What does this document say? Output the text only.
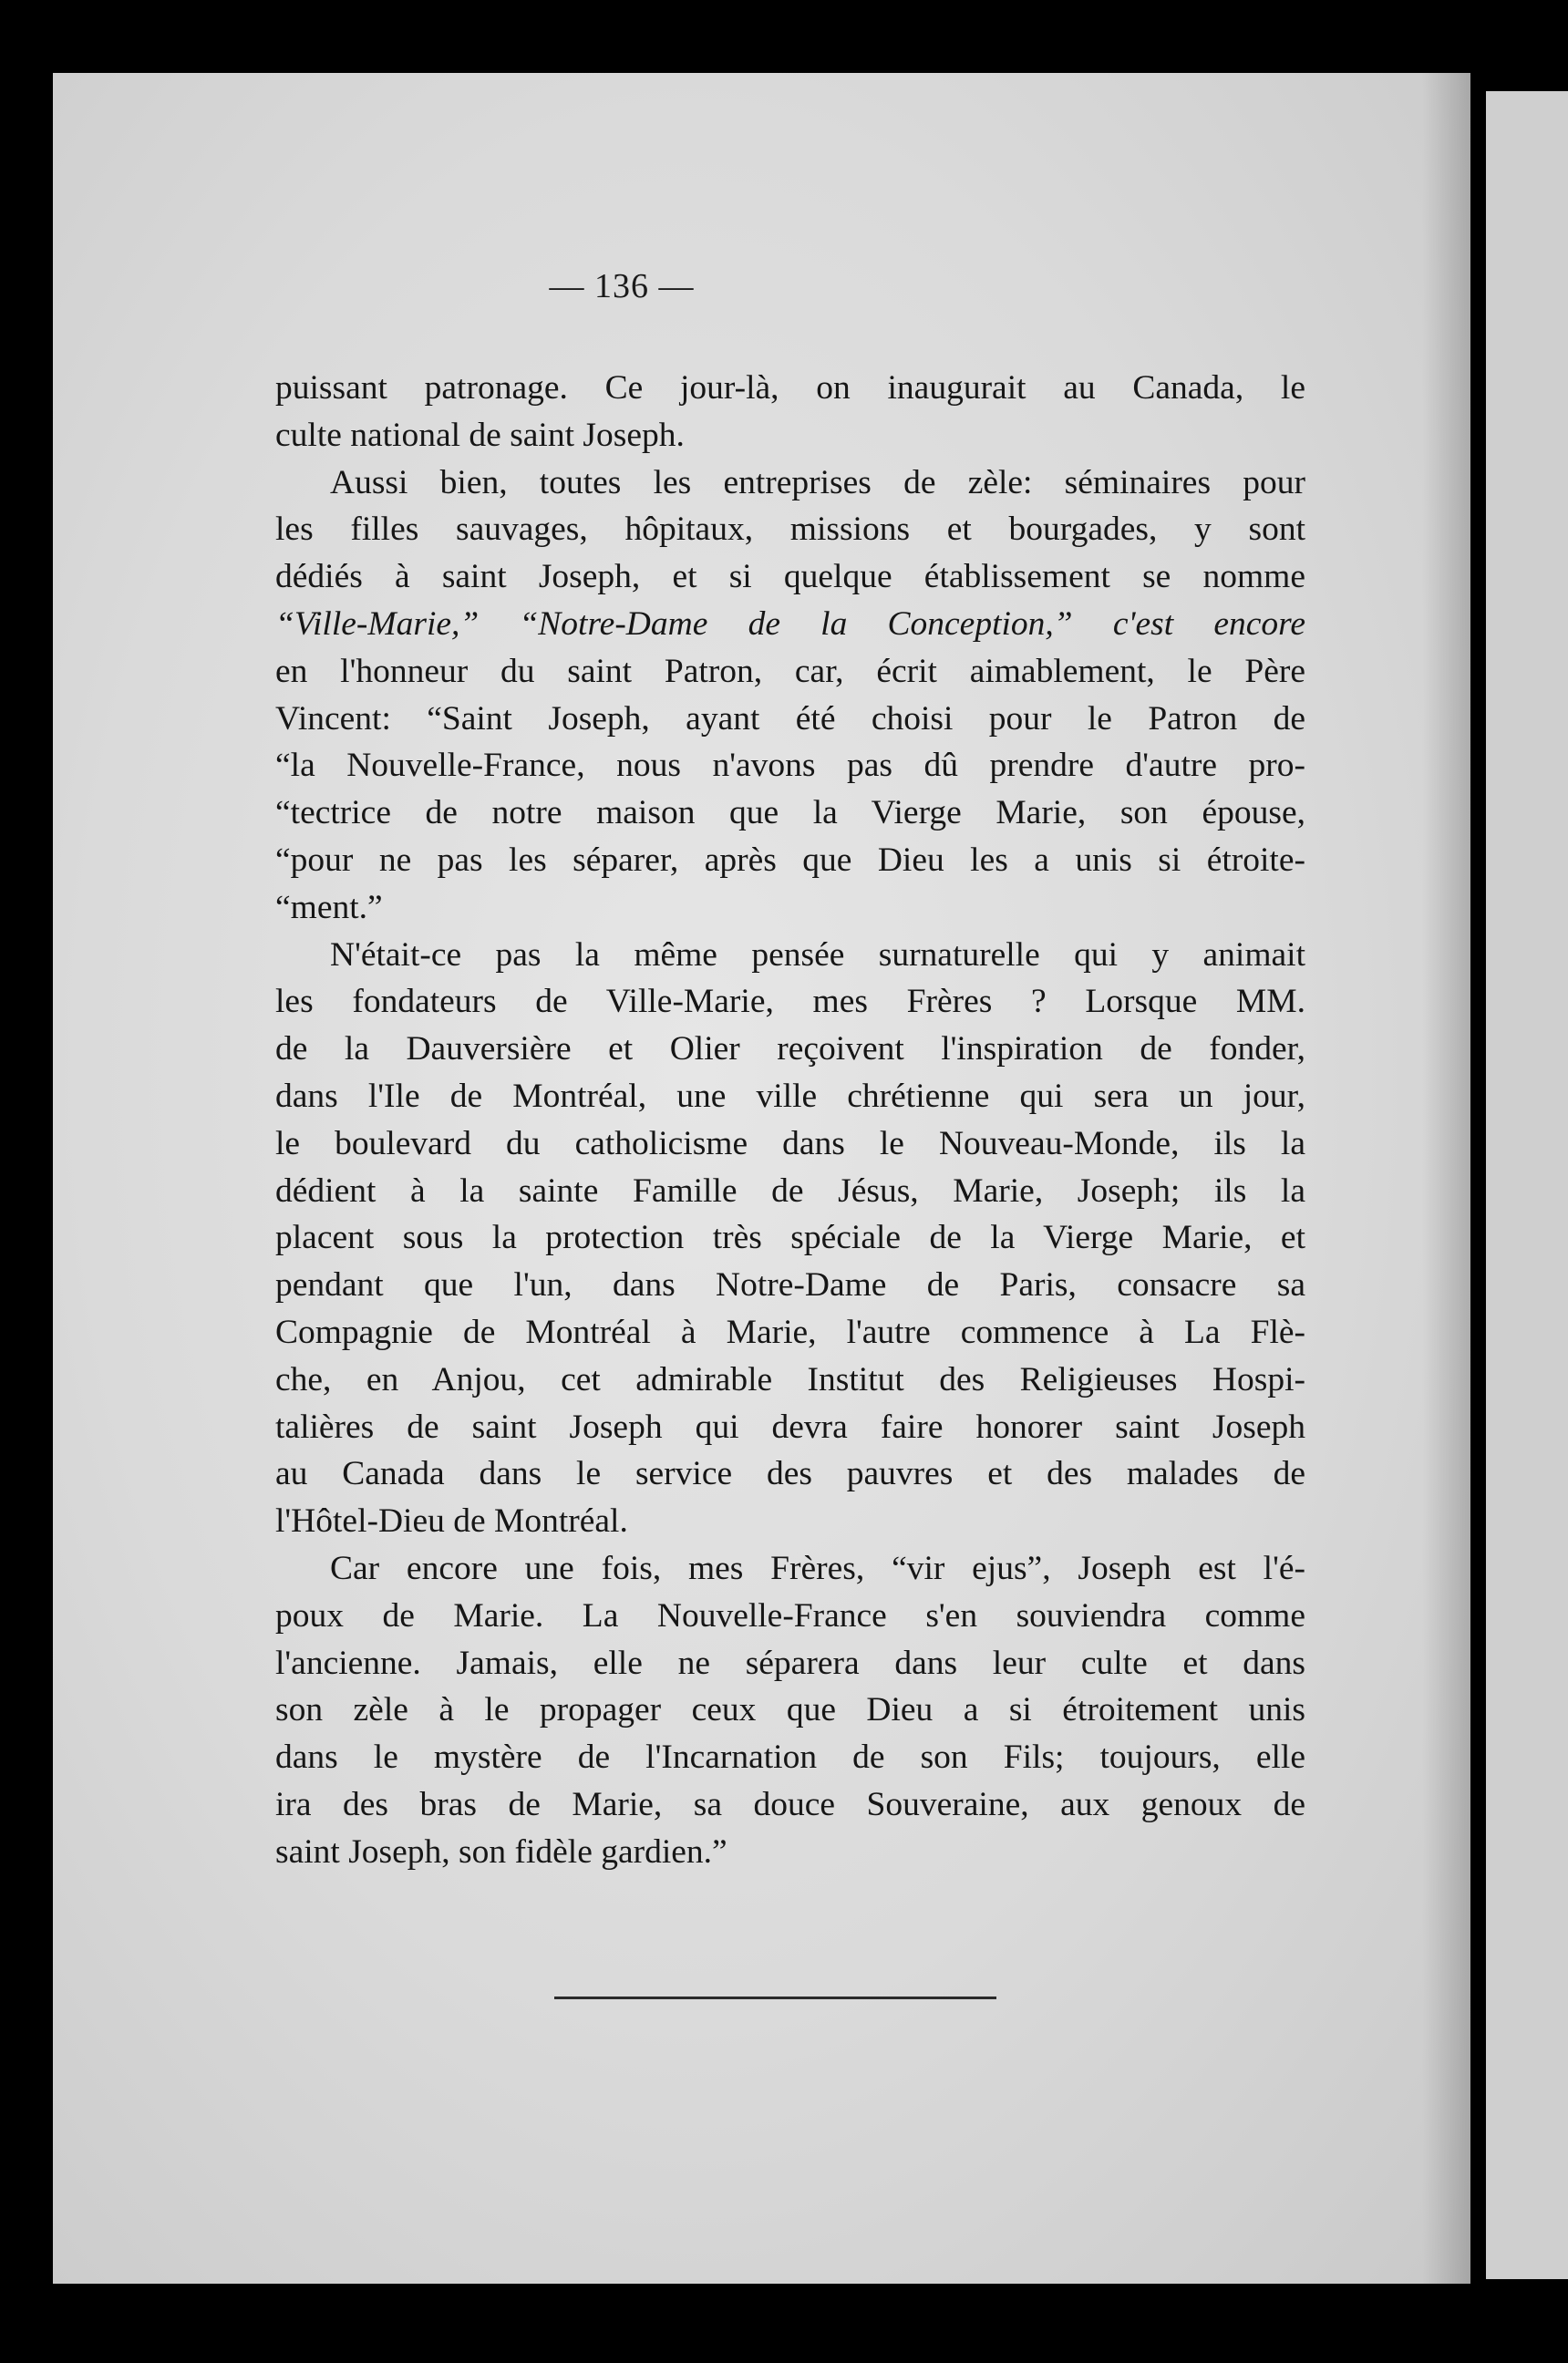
— 136 —

puissant patronage. Ce jour-là, on inaugurait au Canada, le
culte national de saint Joseph.

Aussi bien, toutes les entreprises de zèle: séminaires pour
les filles sauvages, hôpitaux, missions et bourgades, y sont
dédiés à saint Joseph, et si quelque établissement se nomme
“Ville-Marie,” “Notre-Dame de la Conception,” c'est encore
en l'honneur du saint Patron, car, écrit aimablement, le Père
Vincent: “Saint Joseph, ayant été choisi pour le Patron de
“la Nouvelle-France, nous n'avons pas dû prendre d'autre pro-
“tectrice de notre maison que la Vierge Marie, son épouse,
“pour ne pas les séparer, après que Dieu les a unis si étroite-
“ment.”

N'était-ce pas la même pensée surnaturelle qui y animait
les fondateurs de Ville-Marie, mes Frères ? Lorsque MM.
de la Dauversière et Olier reçoivent l'inspiration de fonder,
dans l'Ile de Montréal, une ville chrétienne qui sera un jour,
le boulevard du catholicisme dans le Nouveau-Monde, ils la
dédient à la sainte Famille de Jésus, Marie, Joseph; ils la
placent sous la protection très spéciale de la Vierge Marie, et
pendant que l'un, dans Notre-Dame de Paris, consacre sa
Compagnie de Montréal à Marie, l'autre commence à La Flè-
che, en Anjou, cet admirable Institut des Religieuses Hospi-
talières de saint Joseph qui devra faire honorer saint Joseph
au Canada dans le service des pauvres et des malades de
l'Hôtel-Dieu de Montréal.

Car encore une fois, mes Frères, “vir ejus”, Joseph est l'é-
poux de Marie. La Nouvelle-France s'en souviendra comme
l'ancienne. Jamais, elle ne séparera dans leur culte et dans
son zèle à le propager ceux que Dieu a si étroitement unis
dans le mystère de l'Incarnation de son Fils; toujours, elle
ira des bras de Marie, sa douce Souveraine, aux genoux de
saint Joseph, son fidèle gardien.”
